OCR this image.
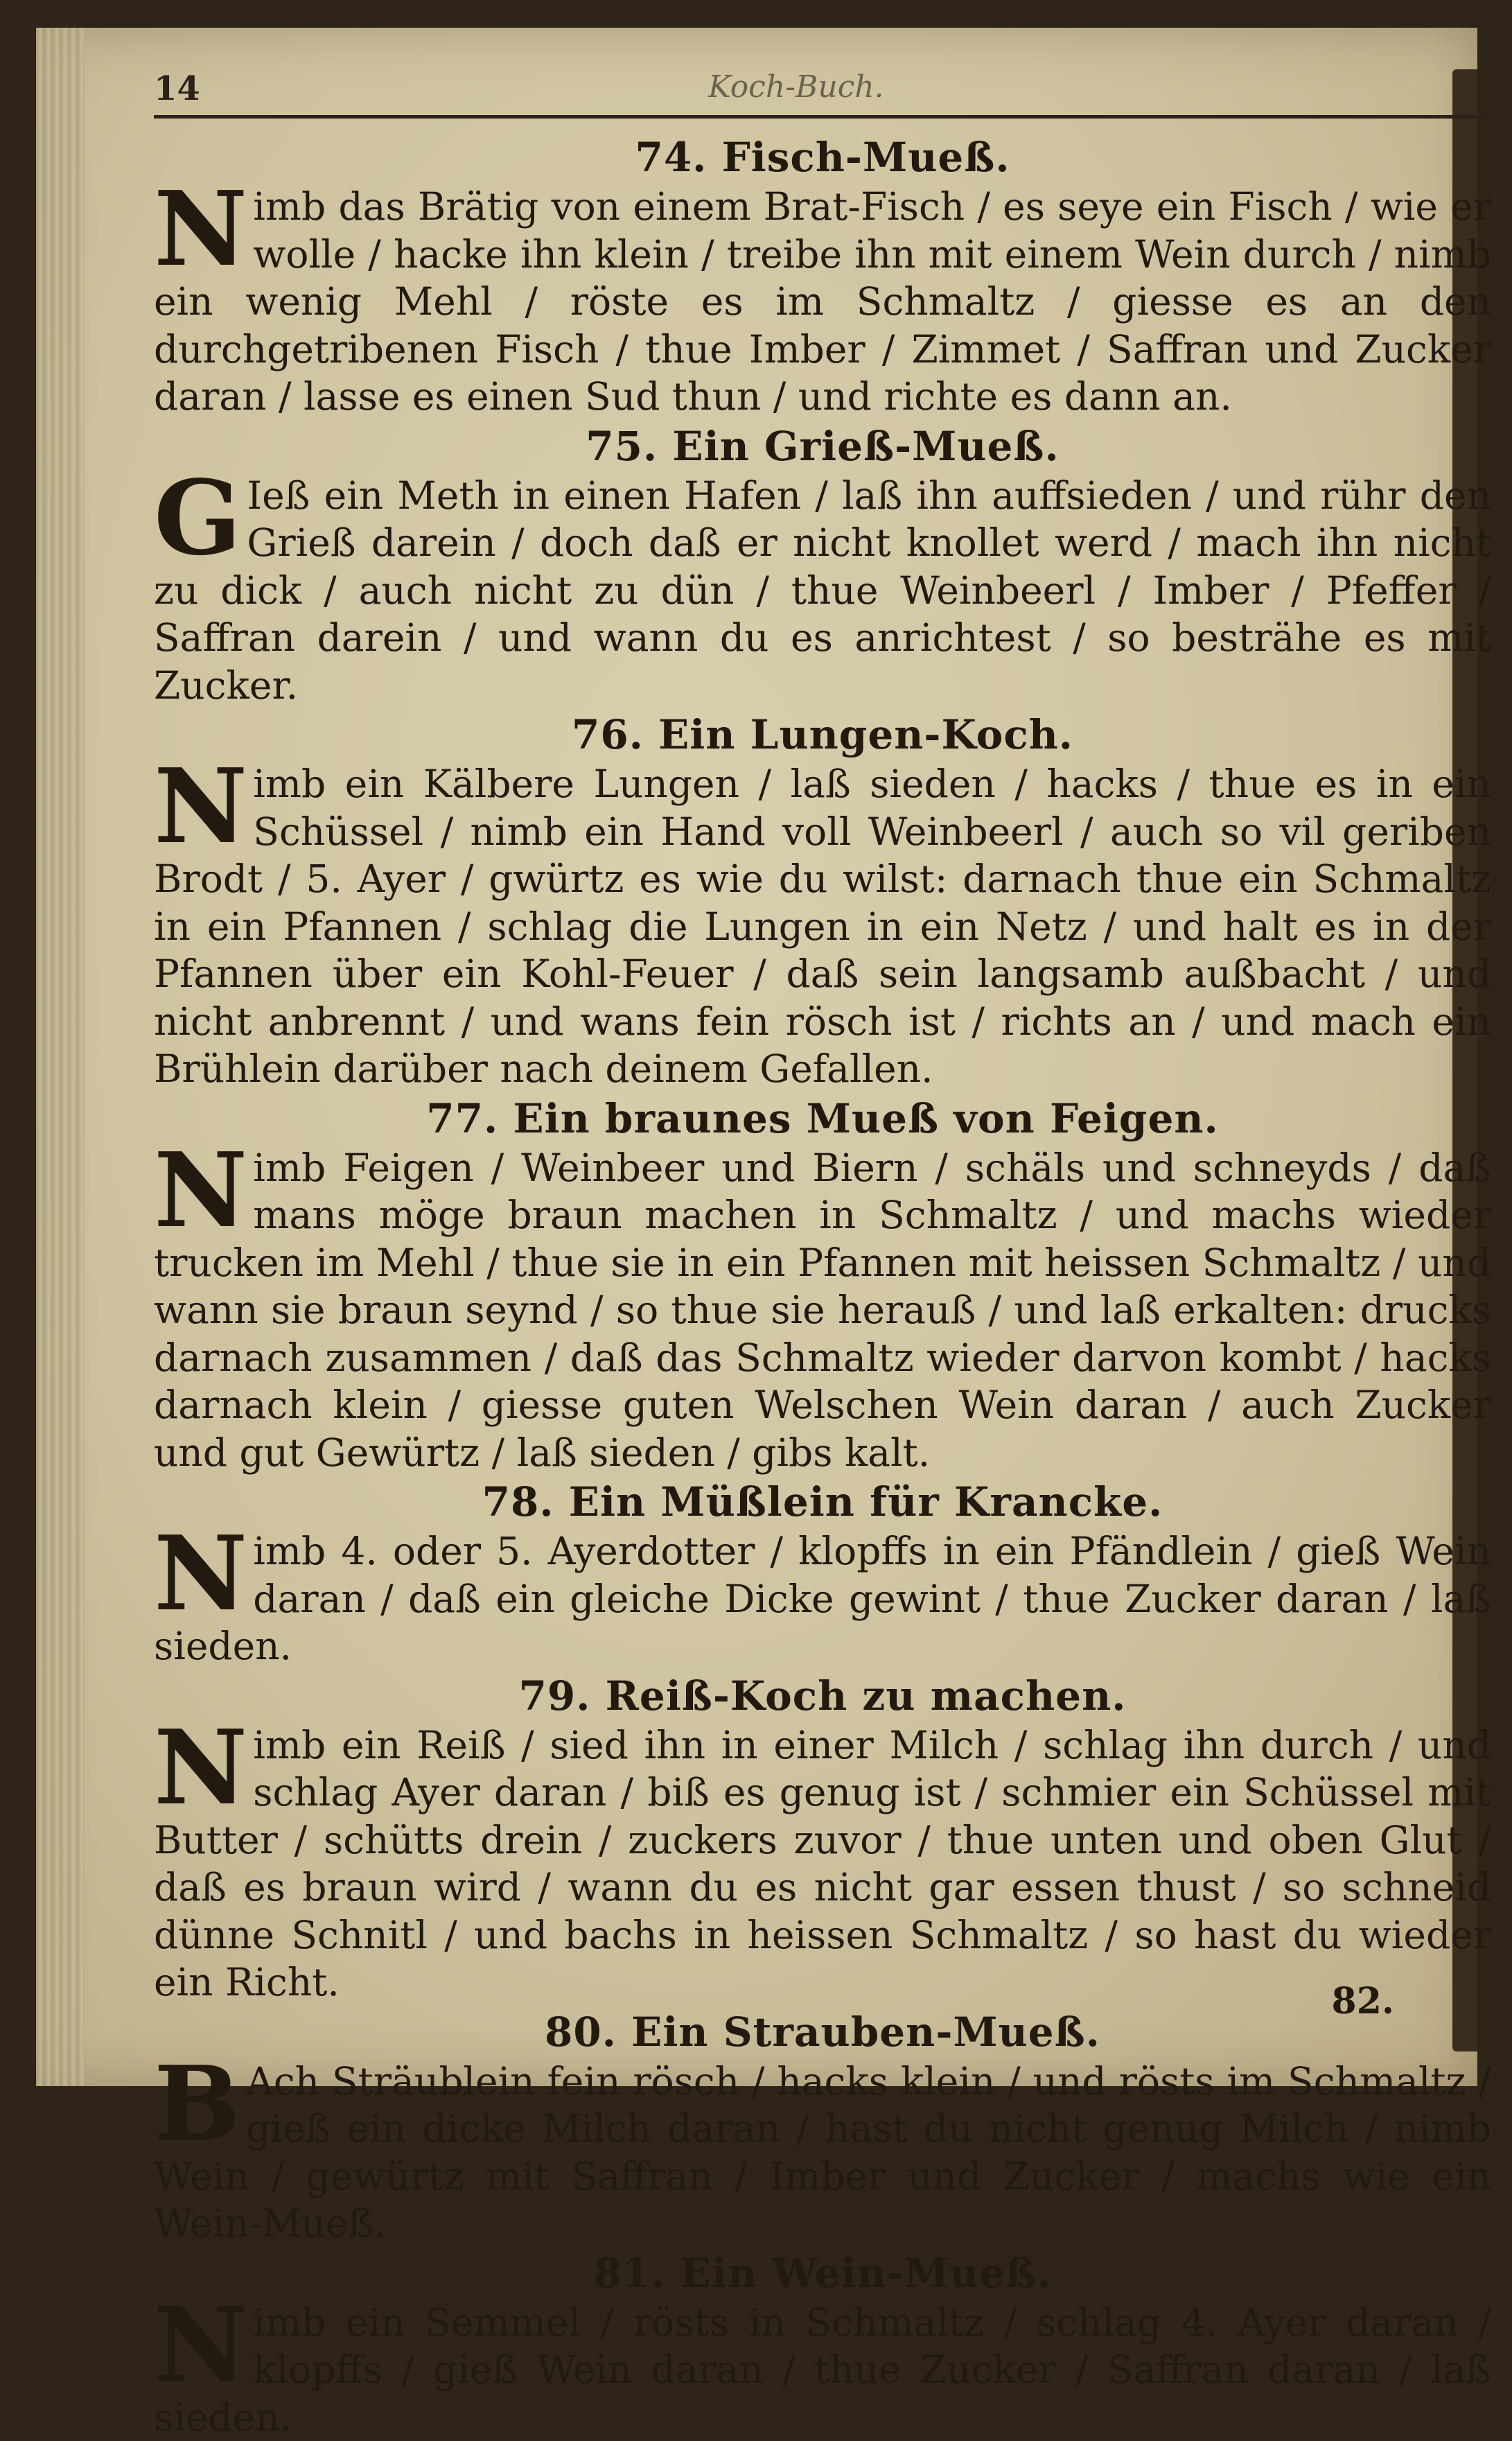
14	Koch-Buch.

74. Fisch-Mueß.

Nimb das Brätig von einem Brat-Fisch / es seye ein Fisch / wie er wolle / hacke ihn klein / treibe ihn mit einem Wein durch / nimb ein wenig Mehl / röste es im Schmaltz / giesse es an den durchgetribenen Fisch / thue Imber / Zimmet / Saffran und Zucker daran / lasse es einen Sud thun / und richte es dann an.

75. Ein Grieß-Mueß.

G Ieß ein Meth in einen Hafen / laß ihn auffsieden / und rühr den Grieß darein / doch daß er nicht knollet werd / mach ihn nicht zu dick / auch nicht zu dün / thue Weinbeerl / Imber / Pfeffer / Saffran darein / und wann du es anrichtest / so besträhe es mit Zucker.

76. Ein Lungen-Koch.

Nimb ein Kälbere Lungen / laß sieden / hacks / thue es in ein Schüssel / nimb ein Hand voll Weinbeerl / auch so vil geriben Brodt / 5. Ayer / gwürtz es wie du wilst: darnach thue ein Schmaltz in ein Pfannen / schlag die Lungen in ein Netz / und halt es in der Pfannen über ein Kohl-Feuer / daß sein langsamb außbacht / und nicht anbrennt / und wans fein rösch ist / richts an / und mach ein Brühlein darüber nach deinem Gefallen.

77. Ein braunes Mueß von Feigen.

Nimb Feigen / Weinbeer und Biern / schäls und schneyds / daß mans möge braun machen in Schmaltz / und machs wieder trucken im Mehl / thue sie in ein Pfannen mit heissen Schmaltz / und wann sie braun seynd / so thue sie herauß / und laß erkalten: drucks darnach zusammen / daß das Schmaltz wieder darvon kombt / hacks darnach klein / giesse guten Welschen Wein daran / auch Zucker und gut Gewürtz / laß sieden / gibs kalt.

78. Ein Müßlein für Krancke.

Nimb 4. oder 5. Ayerdotter / klopffs in ein Pfändlein / gieß Wein daran / daß ein gleiche Dicke gewint / thue Zucker daran / laß sieden.

79. Reiß-Koch zu machen.

Nimb ein Reiß / sied ihn in einer Milch / schlag ihn durch / und schlag Ayer daran / biß es genug ist / schmier ein Schüssel mit Butter / schütts drein / zuckers zuvor / thue unten und oben Glut / daß es braun wird / wann du es nicht gar essen thust / so schneid dünne Schnitl / und bachs in heissen Schmaltz / so hast du wieder ein Richt.

80. Ein Strauben-Mueß.

B Ach Sträublein fein rösch / hacks klein / und rösts im Schmaltz / gieß ein dicke Milch daran / hast du nicht genug Milch / nimb Wein / gewürtz mit Saffran / Imber und Zucker / machs wie ein Wein-Mueß.

81. Ein Wein-Mueß.

Nimb ein Semmel / rösts in Schmaltz / schlag 4. Ayer daran / klopffs / gieß Wein daran / thue Zucker / Saffran daran / laß sieden.

82.
